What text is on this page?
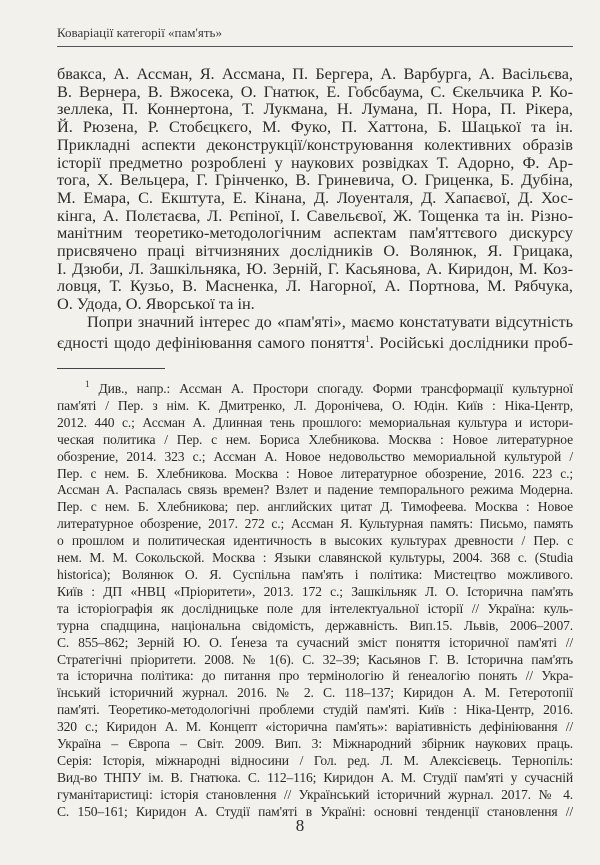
Коваріації категорії «пам'ять»
бвакса, А. Ассман, Я. Ассмана, П. Бергера, А. Варбурга, А. Васільєва,
В. Вернера, В. Вжосека, О. Гнатюк, Е. Гобсбаума, С. Єкельчика Р. Ко-
зеллека, П. Коннертона, Т. Лукмана, Н. Лумана, П. Нора, П. Рікера,
Й. Рюзена, Р. Стобєцкєго, М. Фуко, П. Хаттона, Б. Шацької та ін.
Прикладні аспекти деконструкції/конструювання колективних образів
історії предметно розроблені у наукових розвідках Т. Адорно, Ф. Ар-
тога, Х. Вельцера, Г. Грінченко, В. Гриневича, О. Гриценка, Б. Дубіна,
М. Емара, С. Екштута, Е. Кінана, Д. Лоуенталя, Д. Хапаєвої, Д. Хос-
кінга, А. Полєтаєва, Л. Рєпіної, І. Савельєвої, Ж. Тощенка та ін. Різно-
манітним теоретико-методологічним аспектам пам'яттєвого дискурсу
присвячено праці вітчизняних дослідників О. Волянюк, Я. Грицака,
І. Дзюби, Л. Зашкільняка, Ю. Зерній, Г. Касьянова, А. Киридон, М. Коз-
ловця, Т. Кузьо, В. Масненка, Л. Нагорної, А. Портнова, М. Рябчука,
О. Удода, О. Яворської та ін.
Попри значний інтерес до «пам'яті», маємо констатувати відсутність
єдності щодо дефініювання самого поняття$^1$. Російські дослідники проб-
$^1$ Див., напр.: Ассман А. Простори спогаду. Форми трансформації культурної
пам'яті / Пер. з нім. К. Дмитренко, Л. Доронічева, О. Юдін. Київ : Ніка-Центр,
2012. 440 с.; Ассман А. Длинная тень прошлого: мемориальная культура и истори-
ческая политика / Пер. с нем. Бориса Хлебникова. Москва : Новое литературное
обозрение, 2014. 323 с.; Ассман А. Новое недовольство мемориальной культурой /
Пер. с нем. Б. Хлебникова. Москва : Новое литературное обозрение, 2016. 223 с.;
Ассман А. Распалась связь времен? Взлет и падение темпорального режима Модерна.
Пер. с нем. Б. Хлебникова; пер. английских цитат Д. Тимофеева. Москва : Новое
литературное обозрение, 2017. 272 с.; Ассман Я. Культурная память: Письмо, память
о прошлом и политическая идентичность в высоких культурах древности / Пер. с
нем. М. М. Сокольской. Москва : Языки славянской культуры, 2004. 368 с. (Studia
historica); Волянюк О. Я. Суспільна пам'ять і політика: Мистецтво можливого.
Київ : ДП «НВЦ «Пріоритети», 2013. 172 с.; Зашкільняк Л. О. Історична пам'ять
та історіографія як дослідницьке поле для інтелектуальної історії // Україна: куль-
турна спадщина, національна свідомість, державність. Вип.15. Львів, 2006–2007.
С. 855–862; Зерній Ю. О. Ґенеза та сучасний зміст поняття історичної пам'яті //
Стратегічні пріоритети. 2008. № 1(6). С. 32–39; Касьянов Г. В. Історична пам'ять
та історична політика: до питання про термінологію й ґенеалогію понять // Укра-
їнський історичний журнал. 2016. № 2. С. 118–137; Киридон А. М. Гетеротопії
пам'яті. Теоретико-методологічні проблеми студій пам'яті. Київ : Ніка-Центр, 2016.
320 с.; Киридон А. М. Концепт «історична пам'ять»: варіативність дефініювання //
Україна – Європа – Світ. 2009. Вип. 3: Міжнародний збірник наукових праць.
Серія: Історія, міжнародні відносини / Гол. ред. Л. М. Алексієвець. Тернопіль:
Вид-во ТНПУ ім. В. Гнатюка. С. 112–116; Киридон А. М. Студії пам'яті у сучасній
гуманітаристиці: історія становлення // Український історичний журнал. 2017. № 4.
С. 150–161; Киридон А. Студії пам'яті в Україні: основні тенденції становлення //
8
